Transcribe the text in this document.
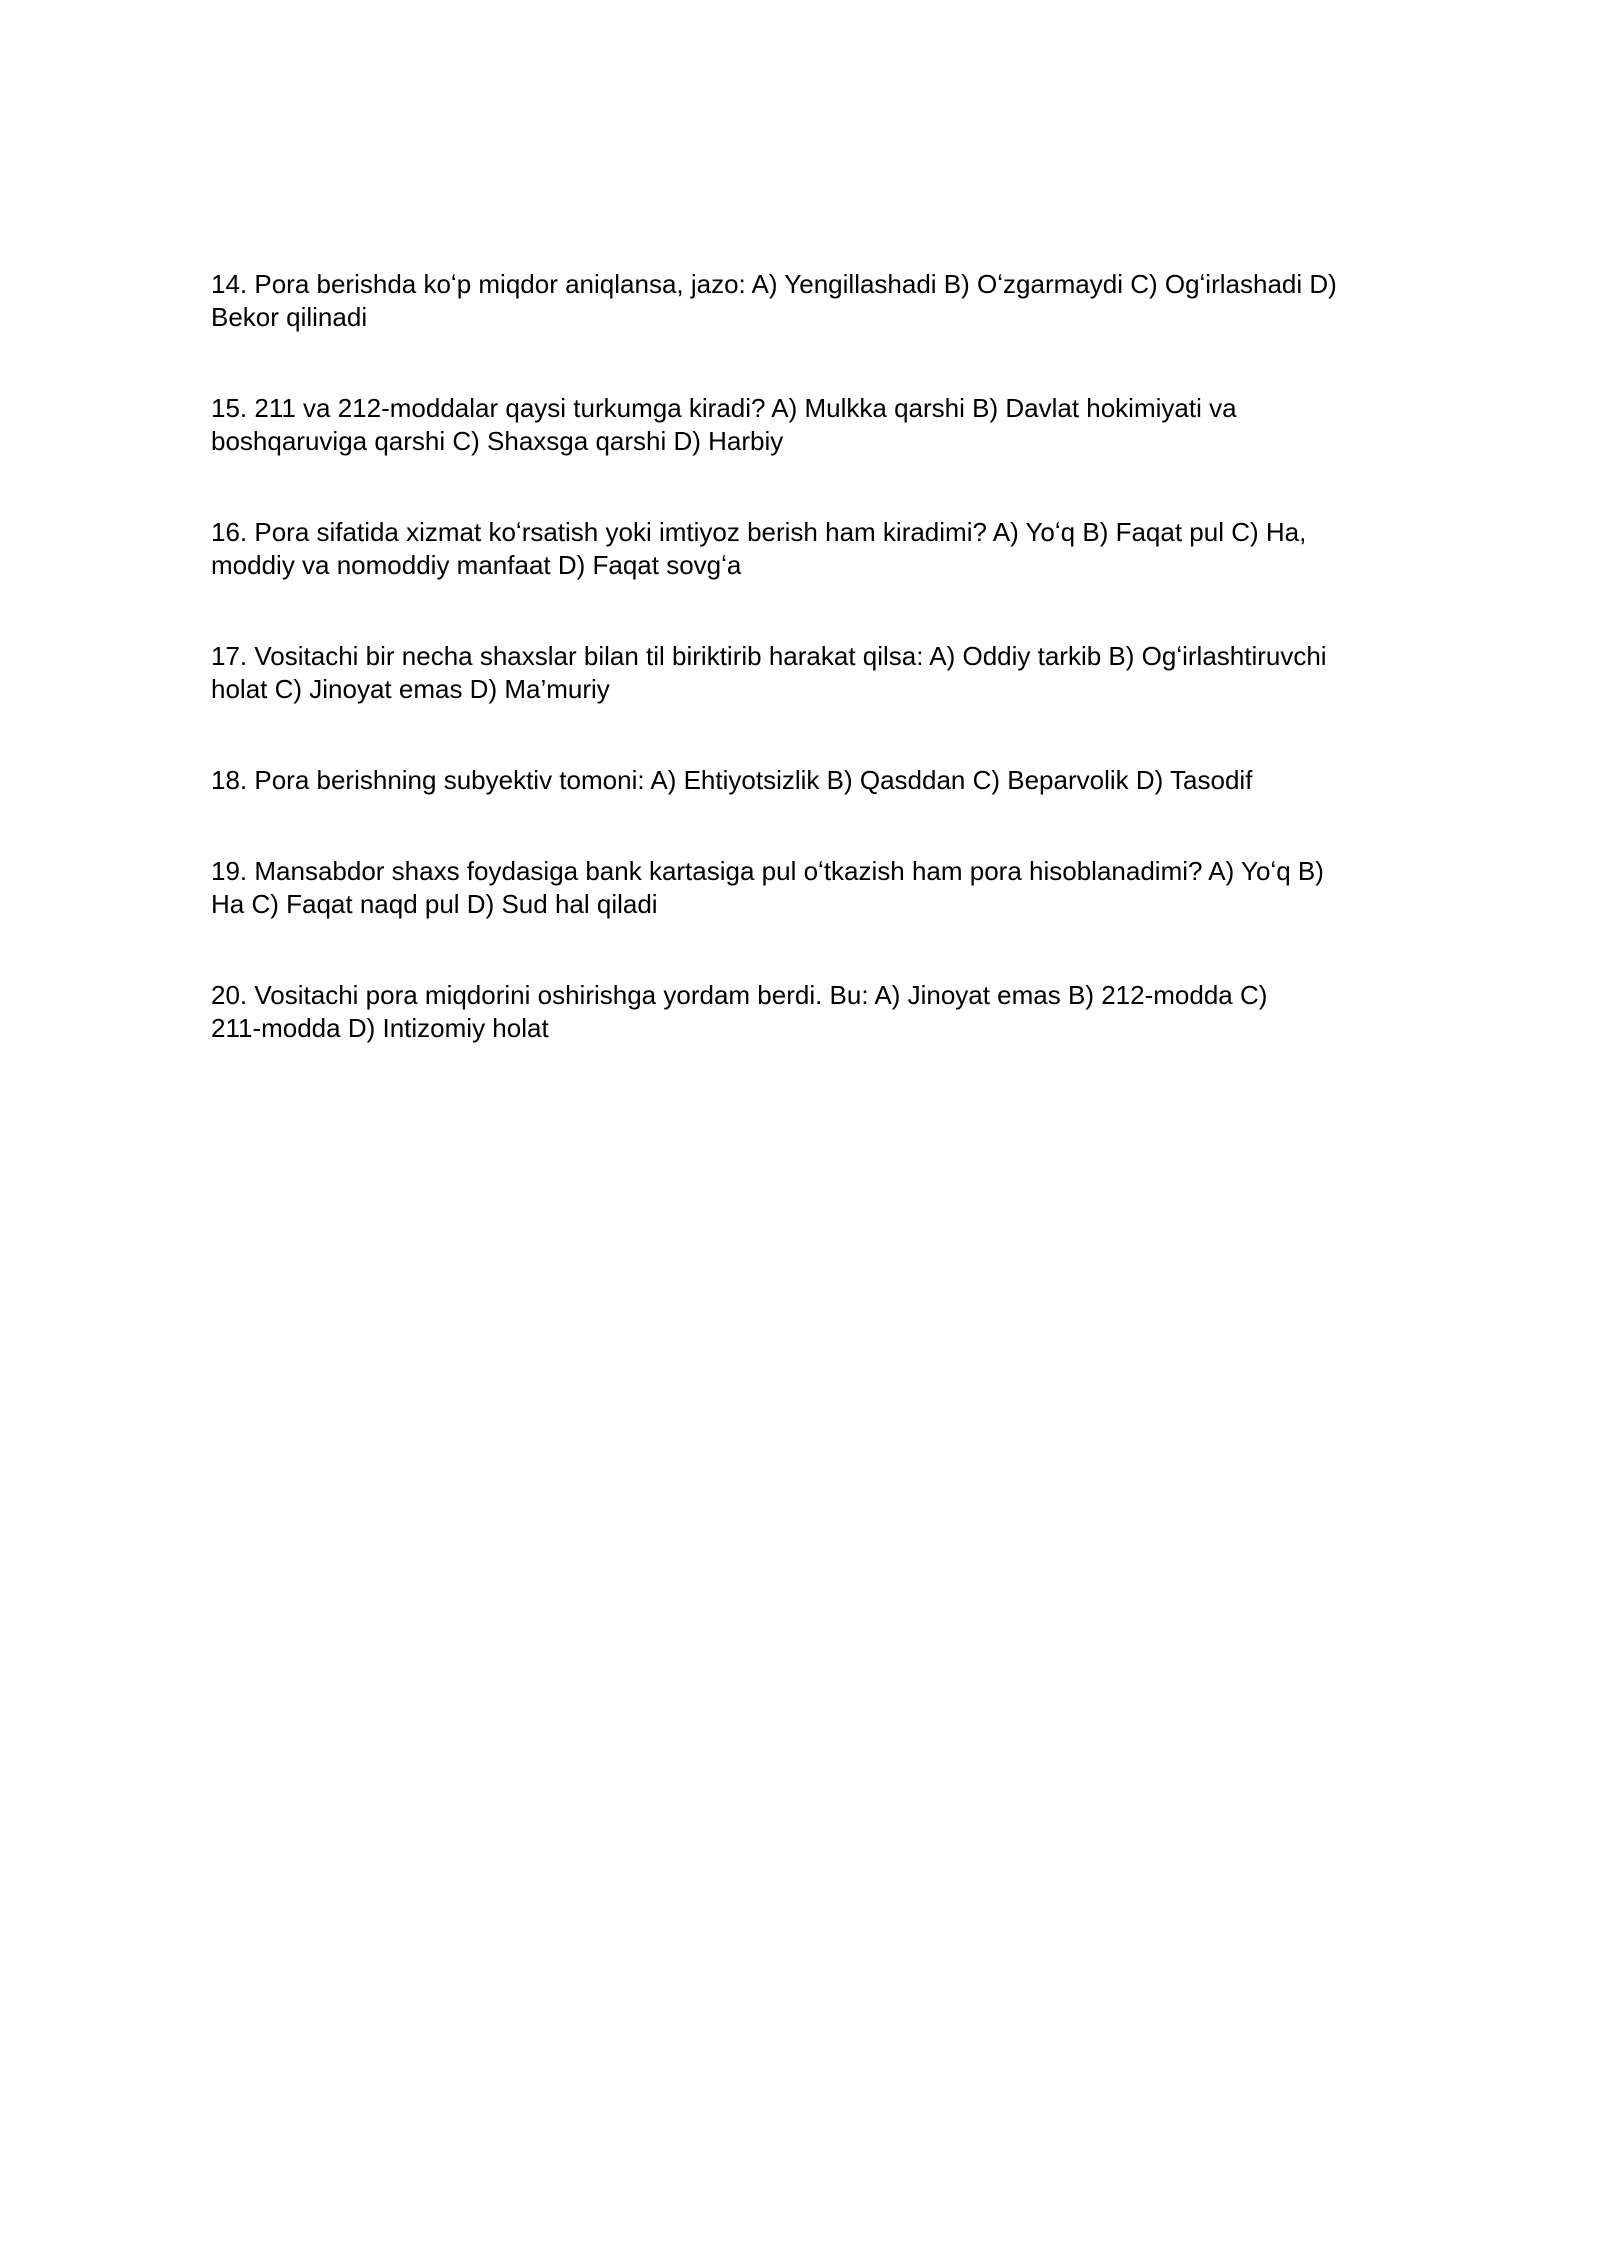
14. Pora berishda koʻp miqdor aniqlansa, jazo: A) Yengillashadi B) Oʻzgarmaydi C) Ogʻirlashadi D)
Bekor qilinadi
15. 211 va 212-moddalar qaysi turkumga kiradi? A) Mulkka qarshi B) Davlat hokimiyati va
boshqaruviga qarshi C) Shaxsga qarshi D) Harbiy
16. Pora sifatida xizmat koʻrsatish yoki imtiyoz berish ham kiradimi? A) Yoʻq B) Faqat pul C) Ha,
moddiy va nomoddiy manfaat D) Faqat sovgʻa
17. Vositachi bir necha shaxslar bilan til biriktirib harakat qilsa: A) Oddiy tarkib B) Ogʻirlashtiruvchi
holat C) Jinoyat emas D) Ma’muriy
18. Pora berishning subyektiv tomoni: A) Ehtiyotsizlik B) Qasddan C) Beparvolik D) Tasodif
19. Mansabdor shaxs foydasiga bank kartasiga pul oʻtkazish ham pora hisoblanadimi? A) Yoʻq B)
Ha C) Faqat naqd pul D) Sud hal qiladi
20. Vositachi pora miqdorini oshirishga yordam berdi. Bu: A) Jinoyat emas B) 212-modda C)
211-modda D) Intizomiy holat
